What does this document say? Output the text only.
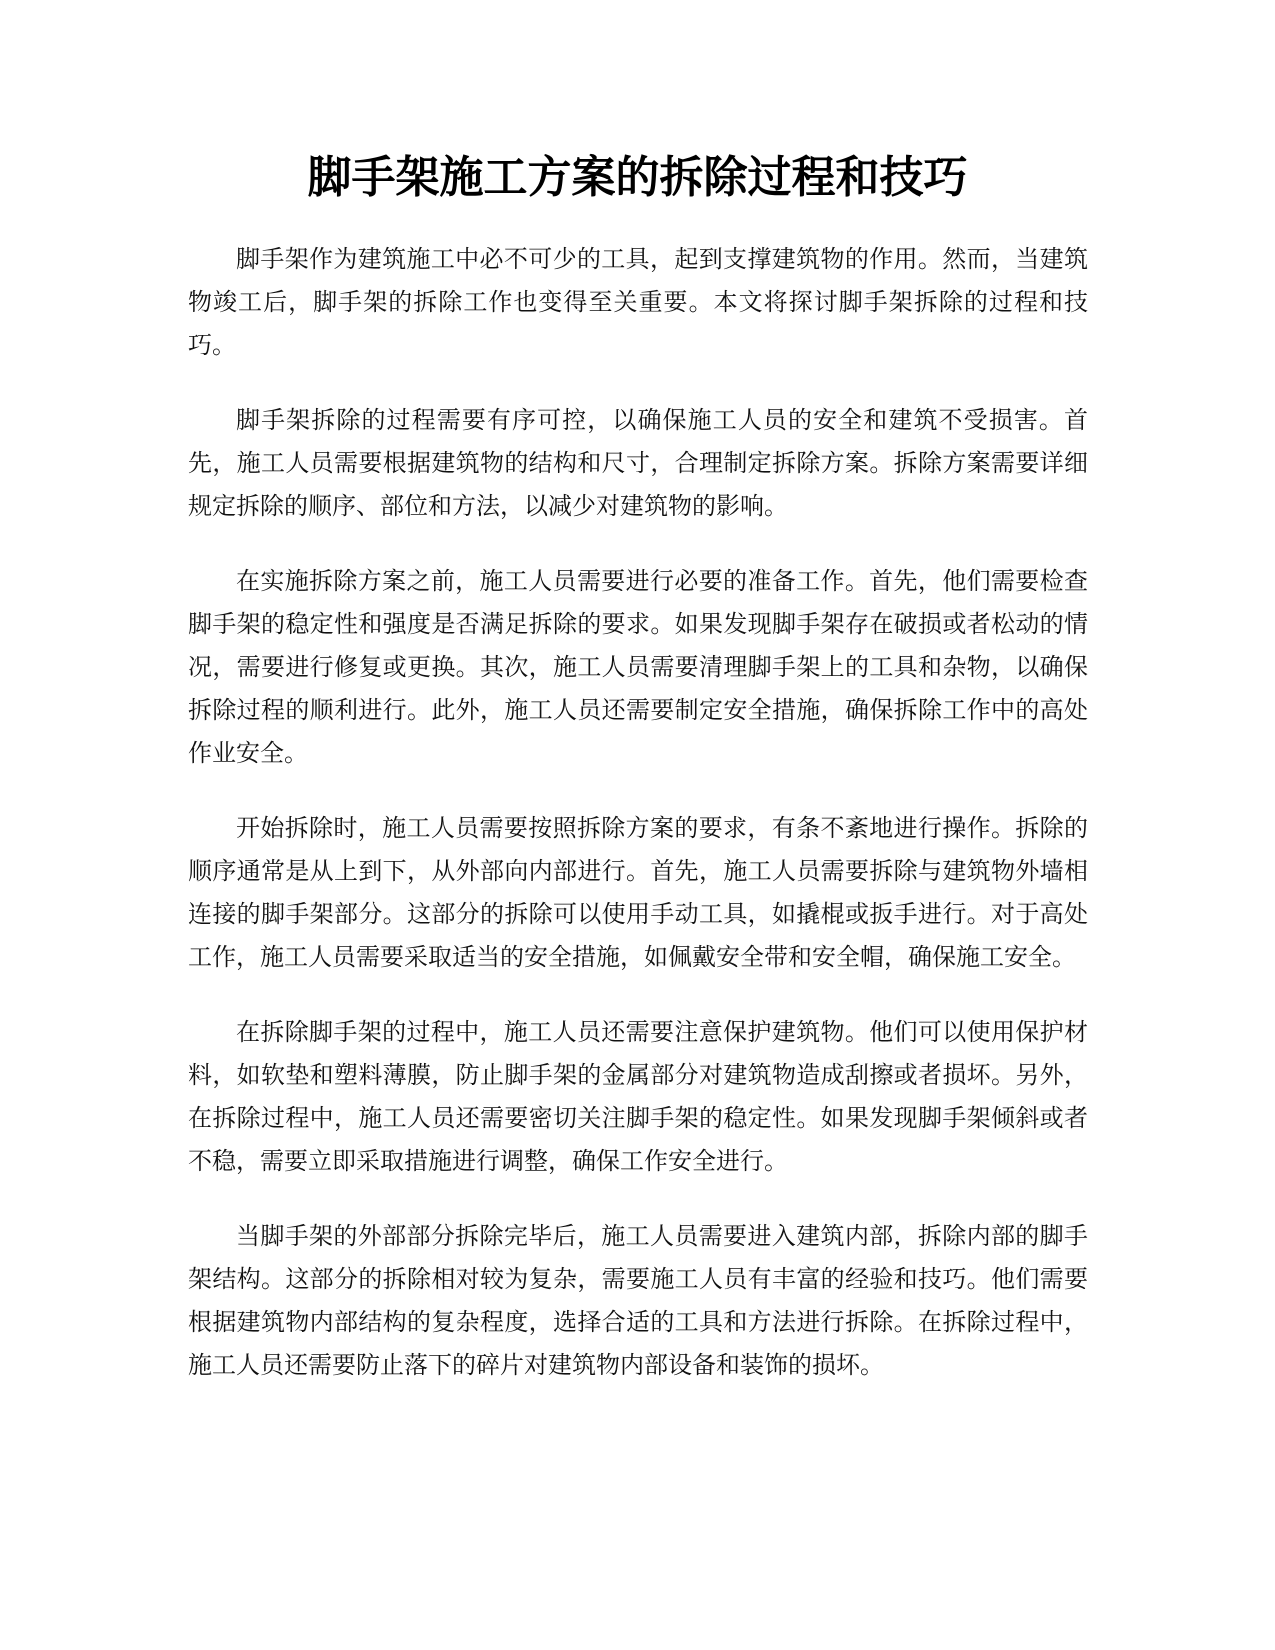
脚手架施工方案的拆除过程和技巧

脚手架作为建筑施工中必不可少的工具，起到支撑建筑物的作用。然而，当建筑物竣工后，脚手架的拆除工作也变得至关重要。本文将探讨脚手架拆除的过程和技巧。

脚手架拆除的过程需要有序可控，以确保施工人员的安全和建筑不受损害。首先，施工人员需要根据建筑物的结构和尺寸，合理制定拆除方案。拆除方案需要详细规定拆除的顺序、部位和方法，以减少对建筑物的影响。

在实施拆除方案之前，施工人员需要进行必要的准备工作。首先，他们需要检查脚手架的稳定性和强度是否满足拆除的要求。如果发现脚手架存在破损或者松动的情况，需要进行修复或更换。其次，施工人员需要清理脚手架上的工具和杂物，以确保拆除过程的顺利进行。此外，施工人员还需要制定安全措施，确保拆除工作中的高处作业安全。

开始拆除时，施工人员需要按照拆除方案的要求，有条不紊地进行操作。拆除的顺序通常是从上到下，从外部向内部进行。首先，施工人员需要拆除与建筑物外墙相连接的脚手架部分。这部分的拆除可以使用手动工具，如撬棍或扳手进行。对于高处工作，施工人员需要采取适当的安全措施，如佩戴安全带和安全帽，确保施工安全。

在拆除脚手架的过程中，施工人员还需要注意保护建筑物。他们可以使用保护材料，如软垫和塑料薄膜，防止脚手架的金属部分对建筑物造成刮擦或者损坏。另外，在拆除过程中，施工人员还需要密切关注脚手架的稳定性。如果发现脚手架倾斜或者不稳，需要立即采取措施进行调整，确保工作安全进行。

当脚手架的外部部分拆除完毕后，施工人员需要进入建筑内部，拆除内部的脚手架结构。这部分的拆除相对较为复杂，需要施工人员有丰富的经验和技巧。他们需要根据建筑物内部结构的复杂程度，选择合适的工具和方法进行拆除。在拆除过程中，施工人员还需要防止落下的碎片对建筑物内部设备和装饰的损坏。
